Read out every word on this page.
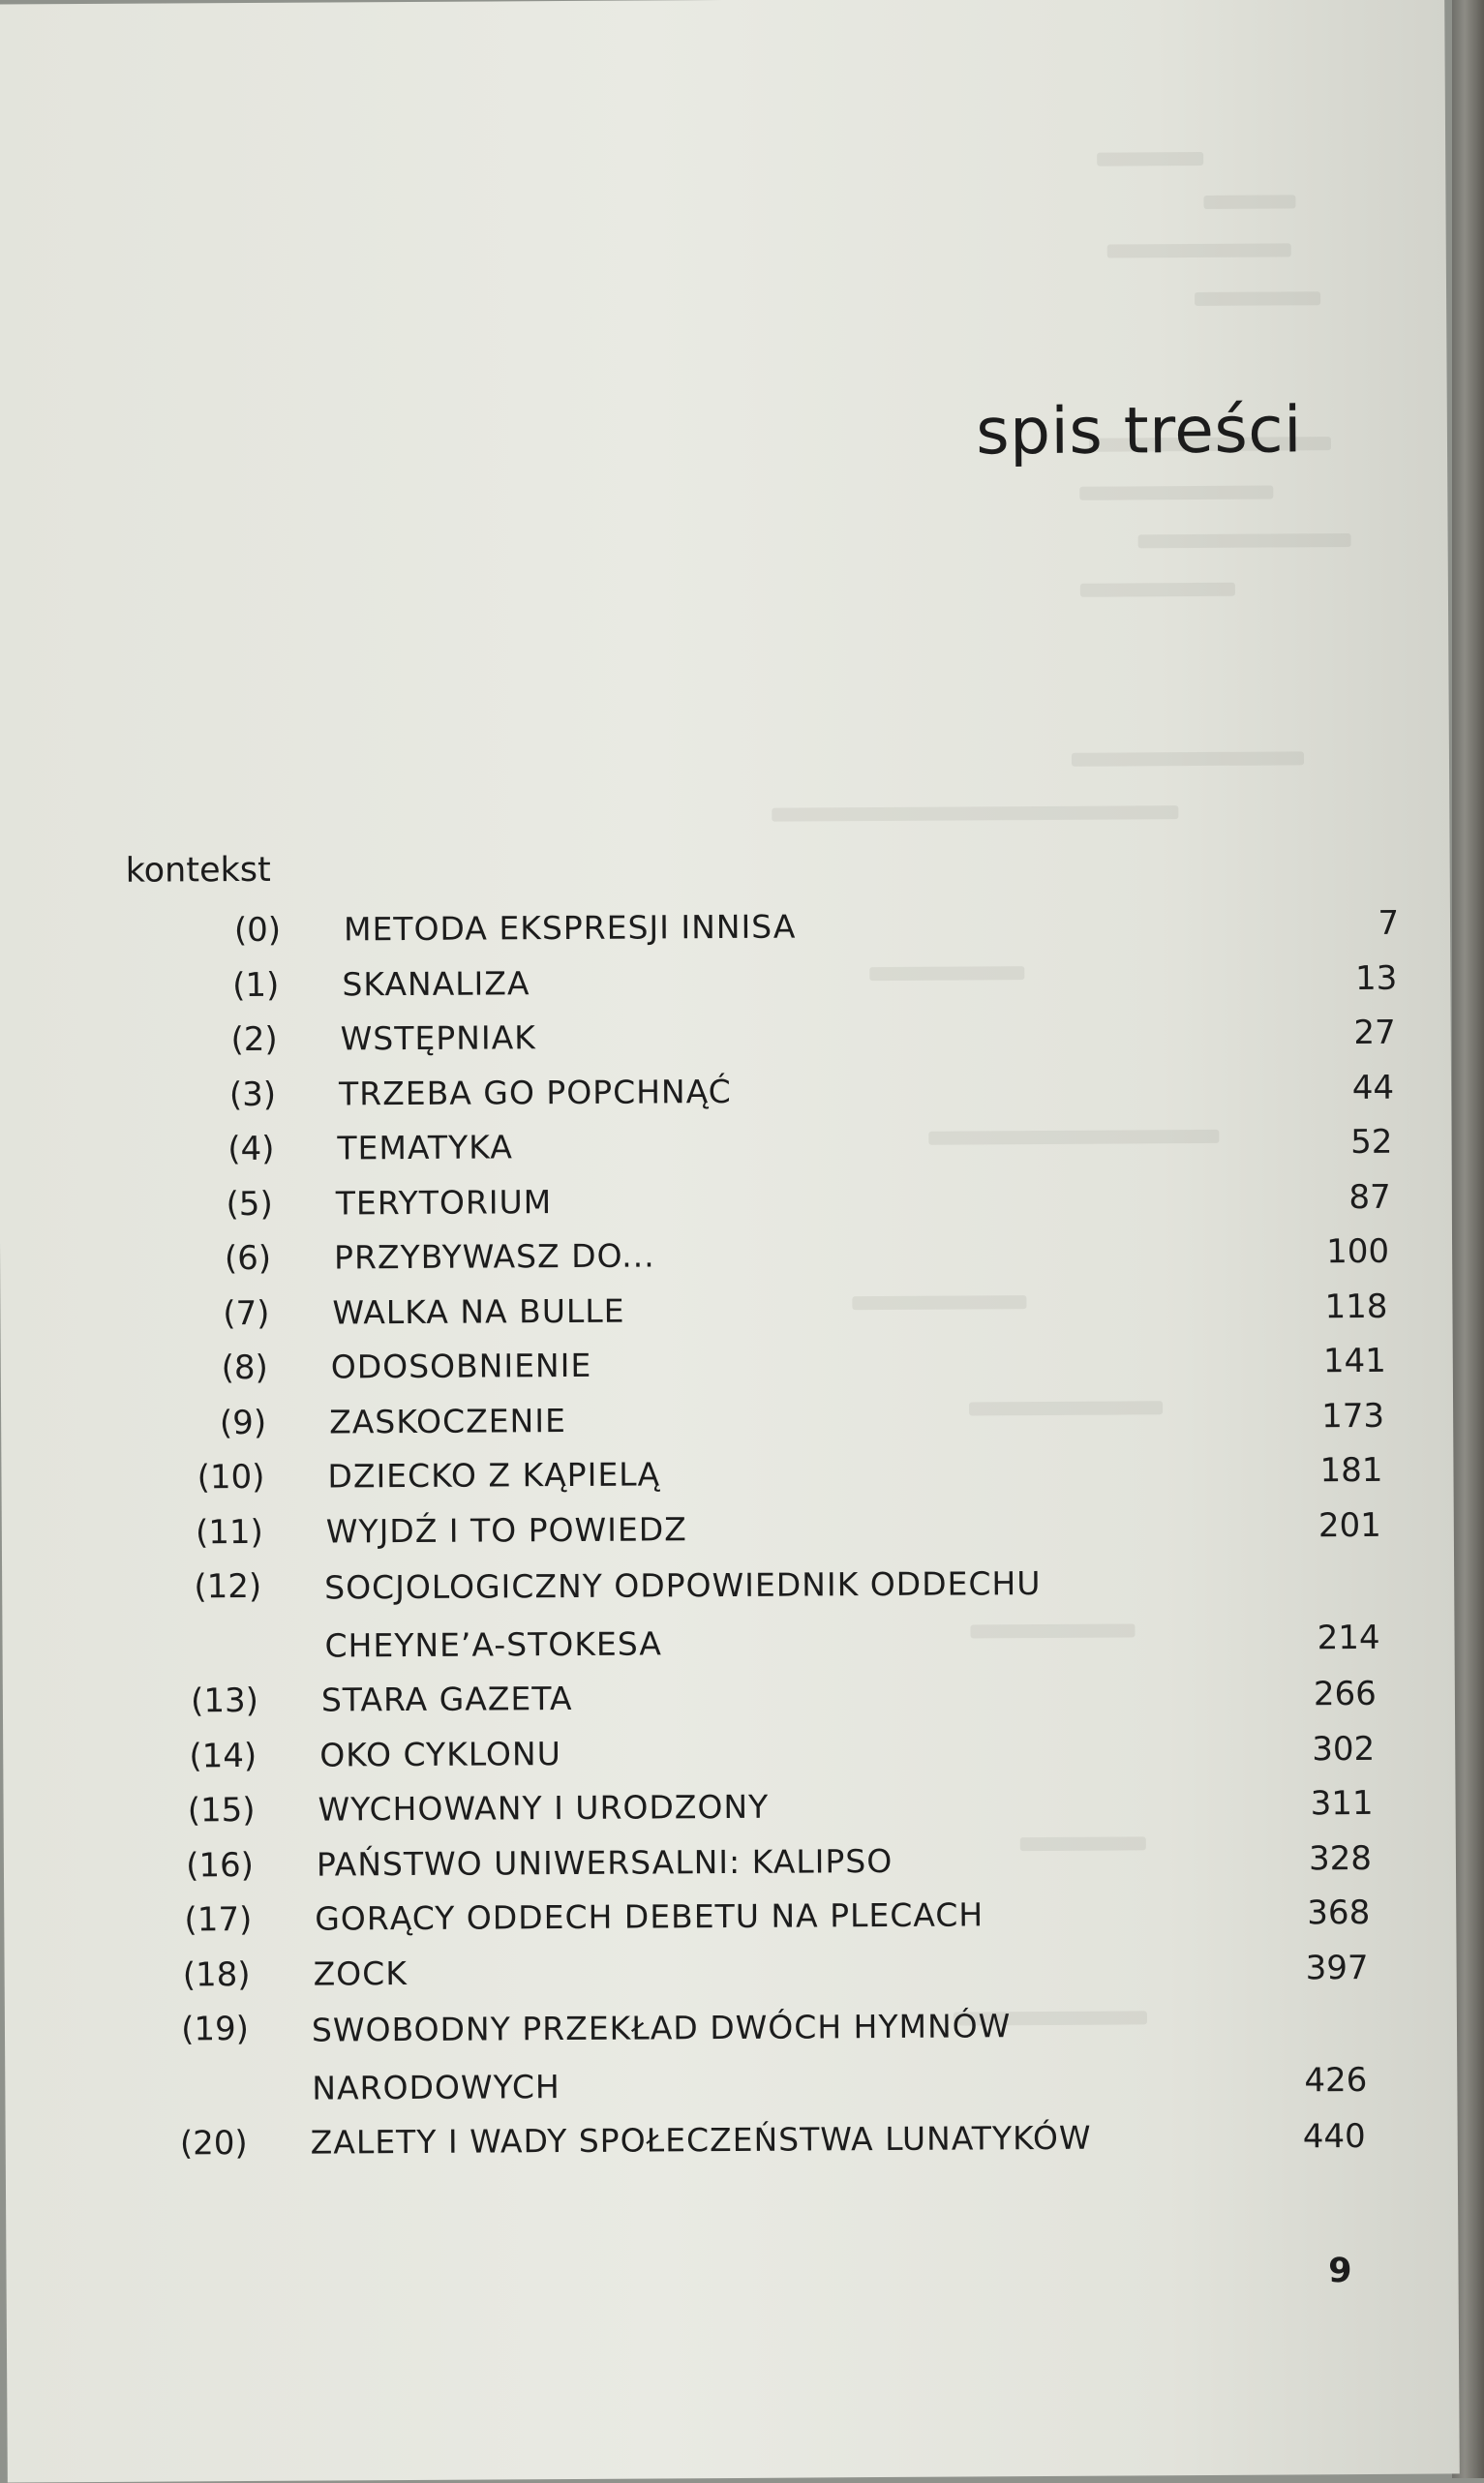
spis treści
kontekst
(0) METODA EKSPRESJI INNISA	7
(1) SKANALIZA	13
(2) WSTĘPNIAK	27
(3) TRZEBA GO POPCHNĄĆ	44
(4) TEMATYKA	52
(5) TERYTORIUM	87
(6) PRZYBYWASZ DO...	100
(7) WALKA NA BULLE	118
(8) ODOSOBNIENIE	141
(9) ZASKOCZENIE	173
(10) DZIECKO Z KĄPIELĄ	181
(11) WYJDŹ I TO POWIEDZ	201
(12) SOCJOLOGICZNY ODPOWIEDNIK ODDECHU CHEYNE’A-STOKESA	214
(13) STARA GAZETA	266
(14) OKO CYKLONU	302
(15) WYCHOWANY I URODZONY	311
(16) PAŃSTWO UNIWERSALNI: KALIPSO	328
(17) GORĄCY ODDECH DEBETU NA PLECACH	368
(18) ZOCK	397
(19) SWOBODNY PRZEKŁAD DWÓCH HYMNÓW NARODOWYCH	426
(20) ZALETY I WADY SPOŁECZEŃSTWA LUNATYKÓW	440
9
